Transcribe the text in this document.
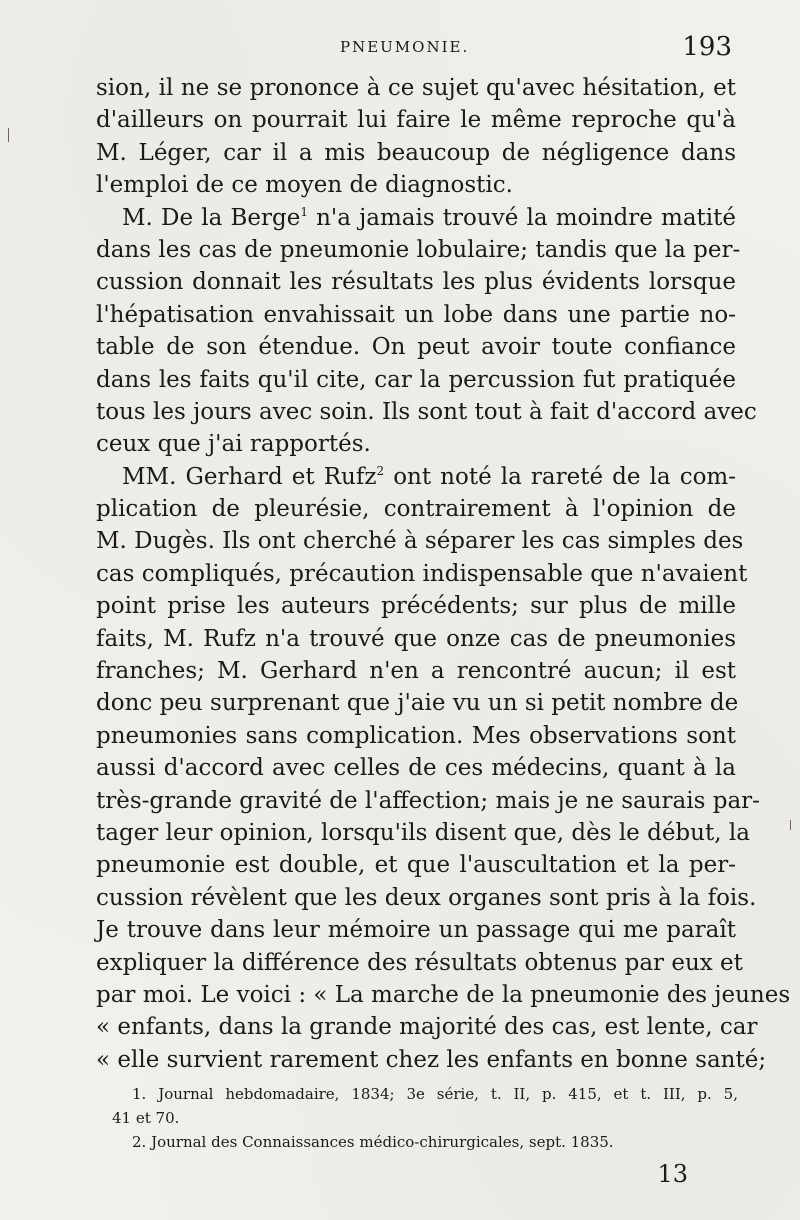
PNEUMONIE.	193
sion, il ne se prononce à ce sujet qu'avec hésitation, et
d'ailleurs on pourrait lui faire le même reproche qu'à
M. Léger, car il a mis beaucoup de négligence dans
l'emploi de ce moyen de diagnostic.
M. De la Berge$^1$ n'a jamais trouvé la moindre matité
dans les cas de pneumonie lobulaire; tandis que la per-
cussion donnait les résultats les plus évidents lorsque
l'hépatisation envahissait un lobe dans une partie no-
table de son étendue. On peut avoir toute confiance
dans les faits qu'il cite, car la percussion fut pratiquée
tous les jours avec soin. Ils sont tout à fait d'accord avec
ceux que j'ai rapportés.
MM. Gerhard et Rufz$^2$ ont noté la rareté de la com-
plication de pleurésie, contrairement à l'opinion de
M. Dugès. Ils ont cherché à séparer les cas simples des
cas compliqués, précaution indispensable que n'avaient
point prise les auteurs précédents; sur plus de mille
faits, M. Rufz n'a trouvé que onze cas de pneumonies
franches; M. Gerhard n'en a rencontré aucun; il est
donc peu surprenant que j'aie vu un si petit nombre de
pneumonies sans complication. Mes observations sont
aussi d'accord avec celles de ces médecins, quant à la
très-grande gravité de l'affection; mais je ne saurais par-
tager leur opinion, lorsqu'ils disent que, dès le début, la
pneumonie est double, et que l'auscultation et la per-
cussion révèlent que les deux organes sont pris à la fois.
Je trouve dans leur mémoire un passage qui me paraît
expliquer la différence des résultats obtenus par eux et
par moi. Le voici : « La marche de la pneumonie des jeunes
« enfants, dans la grande majorité des cas, est lente, car
« elle survient rarement chez les enfants en bonne santé;
1. Journal hebdomadaire, 1834; 3e série, t. II, p. 415, et t. III, p. 5,
41 et 70.
2. Journal des Connaissances médico-chirurgicales, sept. 1835.
13
